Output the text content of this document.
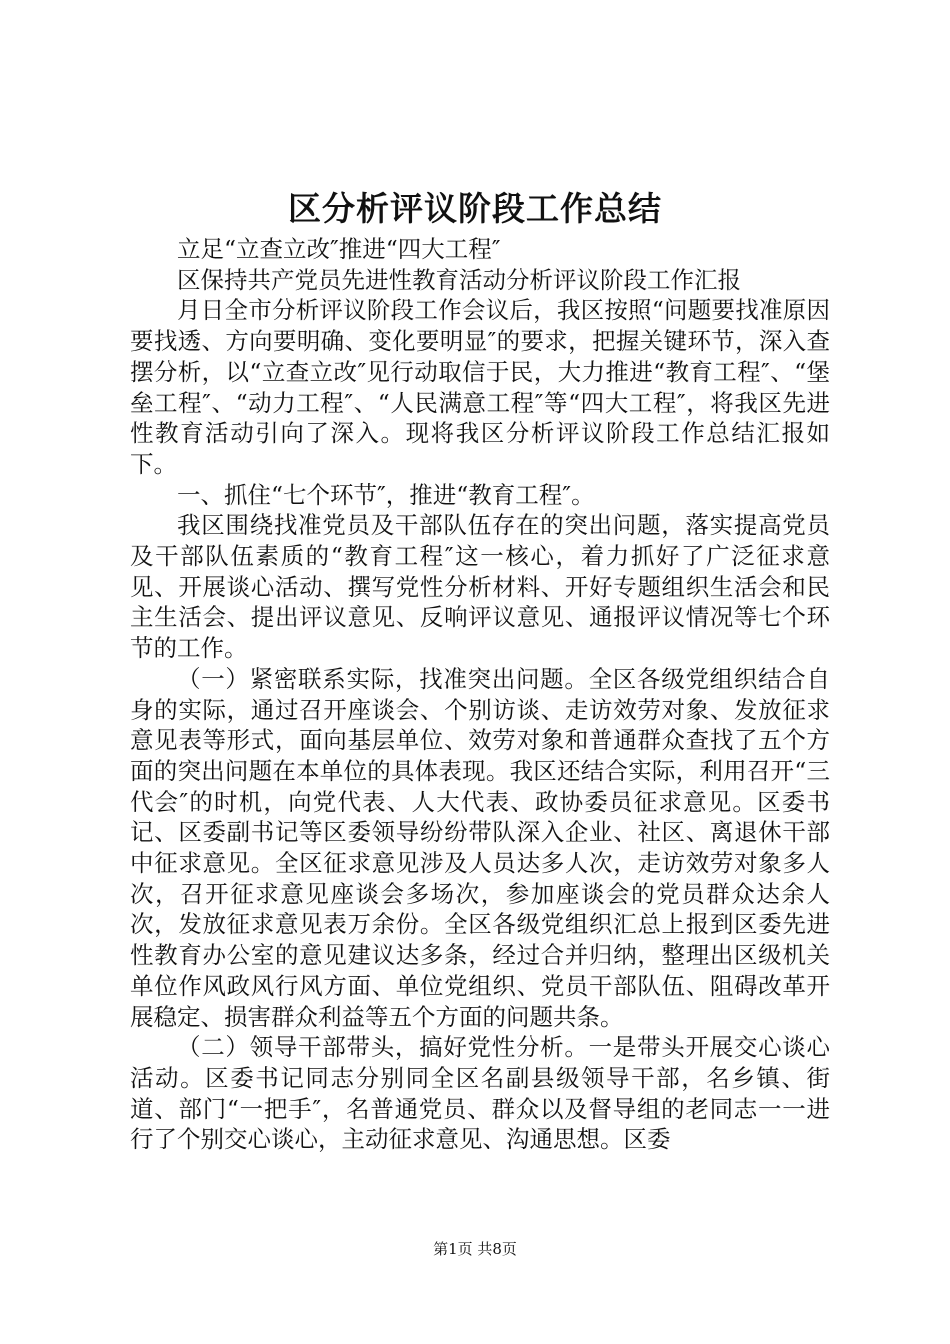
区分析评议阶段工作总结

立足“立查立改″推进“四大工程″

区保持共产党员先进性教育活动分析评议阶段工作汇报

月日全市分析评议阶段工作会议后，我区按照“问题要找准原因要找透、方向要明确、变化要明显″的要求，把握关键环节，深入查摆分析，以“立查立改″见行动取信于民，大力推进“教育工程″、“堡垒工程″、“动力工程″、“人民满意工程″等“四大工程″，将我区先进性教育活动引向了深入。现将我区分析评议阶段工作总结汇报如下。

一、抓住“七个环节″，推进“教育工程″。

我区围绕找准党员及干部队伍存在的突出问题，落实提高党员及干部队伍素质的“教育工程″这一核心，着力抓好了广泛征求意见、开展谈心活动、撰写党性分析材料、开好专题组织生活会和民主生活会、提出评议意见、反响评议意见、通报评议情况等七个环节的工作。

（一）紧密联系实际，找准突出问题。全区各级党组织结合自身的实际，通过召开座谈会、个别访谈、走访效劳对象、发放征求意见表等形式，面向基层单位、效劳对象和普通群众查找了五个方面的突出问题在本单位的具体表现。我区还结合实际，利用召开“三代会″的时机，向党代表、人大代表、政协委员征求意见。区委书记、区委副书记等区委领导纷纷带队深入企业、社区、离退休干部中征求意见。全区征求意见涉及人员达多人次，走访效劳对象多人次，召开征求意见座谈会多场次，参加座谈会的党员群众达余人次，发放征求意见表万余份。全区各级党组织汇总上报到区委先进性教育办公室的意见建议达多条，经过合并归纳，整理出区级机关单位作风政风行风方面、单位党组织、党员干部队伍、阻碍改革开展稳定、损害群众利益等五个方面的问题共条。

（二）领导干部带头，搞好党性分析。一是带头开展交心谈心活动。区委书记同志分别同全区名副县级领导干部，名乡镇、街道、部门“一把手″，名普通党员、群众以及督导组的老同志一一进行了个别交心谈心，主动征求意见、沟通思想。区委

第1页 共8页
